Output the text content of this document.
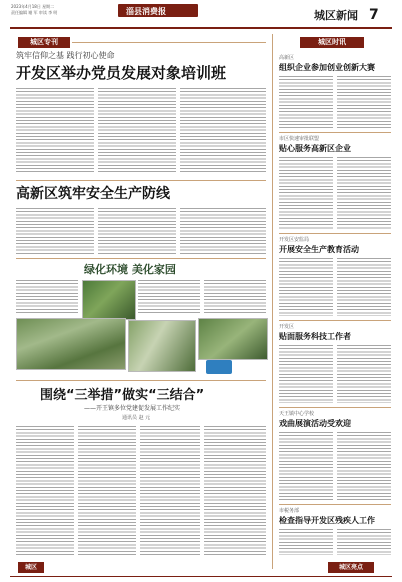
2023年4月18日 星期二
责任编辑 谢 军 审读 李 明	淄县消费报	城区新闻 7
城区专刊
筑牢信仰之基 践行初心使命
开发区举办党员发展对象培训班
高新区筑牢安全生产防线
绿化环境 美化家园
围绕“三举措”做实“三结合”
——开王镇多位党建促发展工作纪实
通讯员 赵 元
城区
城区时讯
高新区
组织企业参加创业创新大赛
市区快速审批联盟
贴心服务高新区企业
开发区安监局
开展安全生产教育活动
开发区
贴面服务科技工作者
天王镇中心学校
戏曲展演活动受欢迎
市税务部
检查指导开发区残疾人工作
城区亮点
